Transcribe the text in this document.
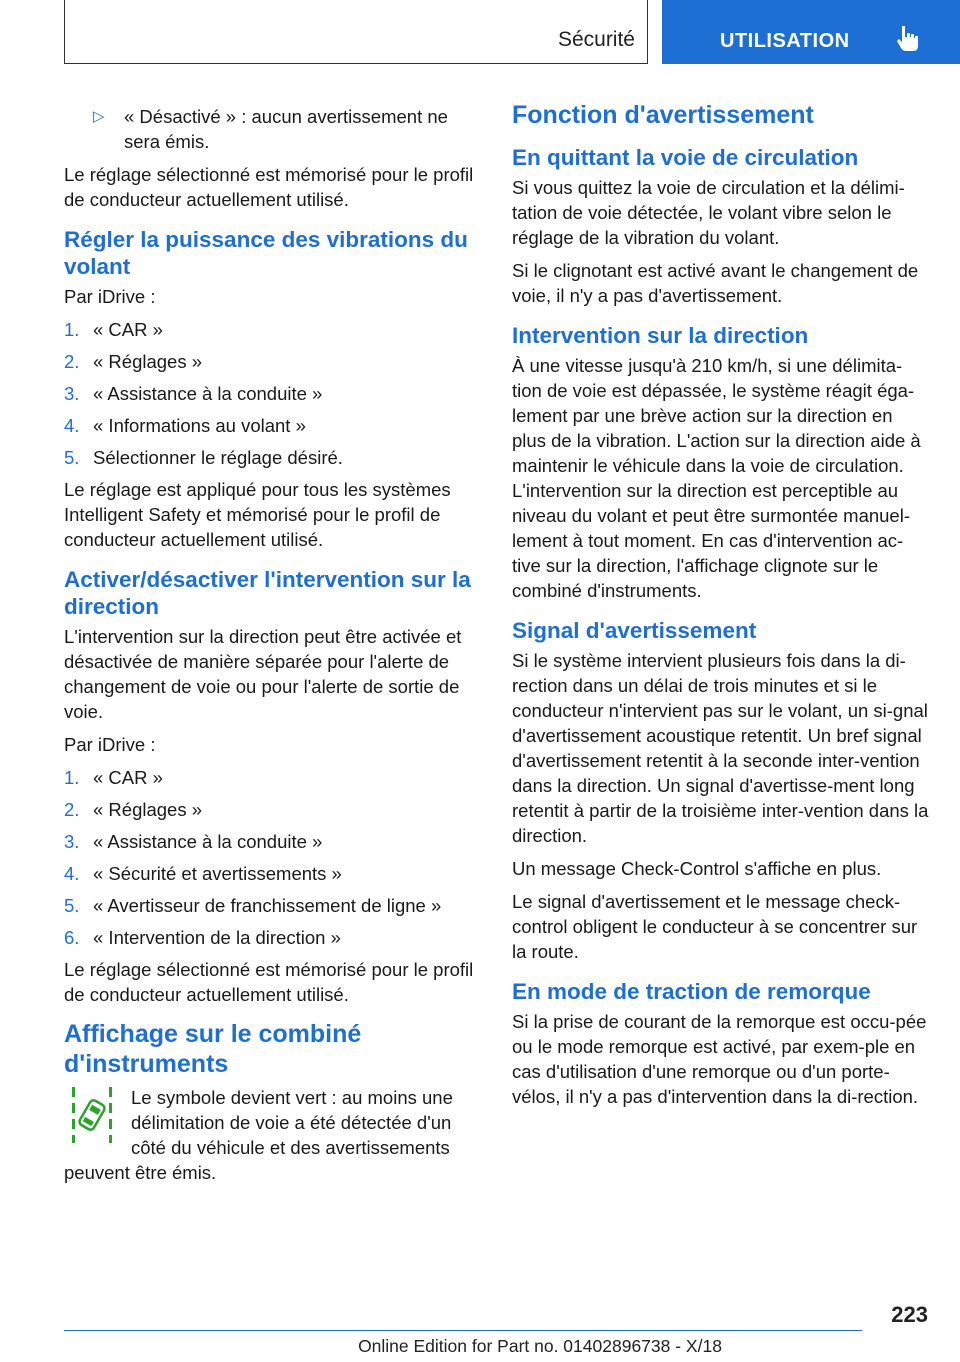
Sécurité	UTILISATION
▷ « Désactivé » : aucun avertissement ne sera émis.

Le réglage sélectionné est mémorisé pour le profil de conducteur actuellement utilisé.

Régler la puissance des vibrations du volant

Par iDrive :

1. « CAR »
2. « Réglages »
3. « Assistance à la conduite »
4. « Informations au volant »
5. Sélectionner le réglage désiré.

Le réglage est appliqué pour tous les systèmes Intelligent Safety et mémorisé pour le profil de conducteur actuellement utilisé.

Activer/désactiver l'intervention sur la direction

L'intervention sur la direction peut être activée et désactivée de manière séparée pour l'alerte de changement de voie ou pour l'alerte de sortie de voie.

Par iDrive :

1. « CAR »
2. « Réglages »
3. « Assistance à la conduite »
4. « Sécurité et avertissements »
5. « Avertisseur de franchissement de ligne »
6. « Intervention de la direction »

Le réglage sélectionné est mémorisé pour le profil de conducteur actuellement utilisé.

Affichage sur le combiné d'instruments
Le symbole devient vert : au moins une délimitation de voie a été détectée d'un côté du véhicule et des avertissements
peuvent être émis.
Fonction d'avertissement
En quittant la voie de circulation

Si vous quittez la voie de circulation et la délimi-tation de voie détectée, le volant vibre selon le réglage de la vibration du volant.

Si le clignotant est activé avant le changement de voie, il n'y a pas d'avertissement.

Intervention sur la direction

À une vitesse jusqu'à 210 km/h, si une délimita-tion de voie est dépassée, le système réagit éga-lement par une brève action sur la direction en plus de la vibration. L'action sur la direction aide à maintenir le véhicule dans la voie de circulation. L'intervention sur la direction est perceptible au niveau du volant et peut être surmontée manuel-lement à tout moment. En cas d'intervention ac-tive sur la direction, l'affichage clignote sur le combiné d'instruments.

Signal d'avertissement

Si le système intervient plusieurs fois dans la di-rection dans un délai de trois minutes et si le conducteur n'intervient pas sur le volant, un si-gnal d'avertissement acoustique retentit. Un bref signal d'avertissement retentit à la seconde inter-vention dans la direction. Un signal d'avertisse-ment long retentit à partir de la troisième inter-vention dans la direction.

Un message Check-Control s'affiche en plus.

Le signal d'avertissement et le message check-control obligent le conducteur à se concentrer sur la route.

En mode de traction de remorque

Si la prise de courant de la remorque est occu-pée ou le mode remorque est activé, par exem-ple en cas d'utilisation d'une remorque ou d'un porte-vélos, il n'y a pas d'intervention dans la di-rection.

223
Online Edition for Part no. 01402896738 - X/18
